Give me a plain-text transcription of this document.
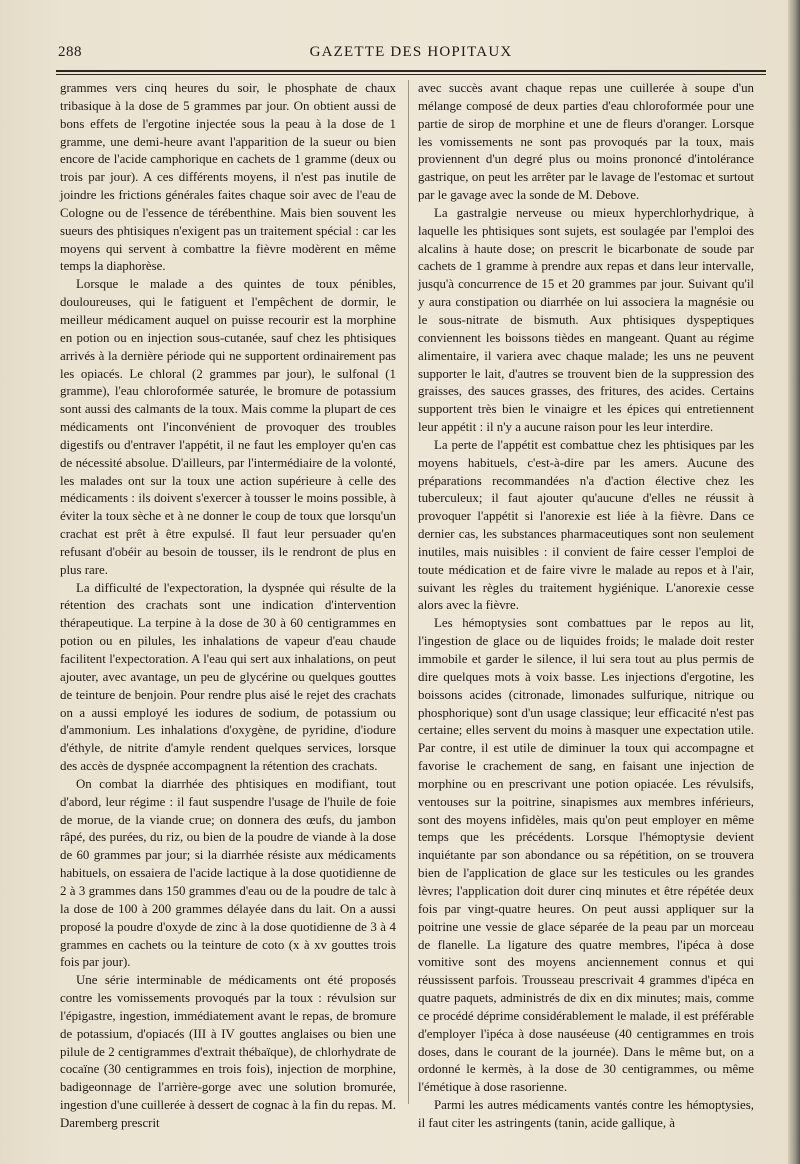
288	GAZETTE DES HOPITAUX

grammes vers cinq heures du soir, le phosphate de chaux tribasique à la dose de 5 grammes par jour. On obtient aussi de bons effets de l'ergotine injectée sous la peau à la dose de 1 gramme, une demi-heure avant l'apparition de la sueur ou bien encore de l'acide camphorique en cachets de 1 gramme (deux ou trois par jour). A ces différents moyens, il n'est pas inutile de joindre les frictions générales faites chaque soir avec de l'eau de Cologne ou de l'essence de térébenthine. Mais bien souvent les sueurs des phtisiques n'exigent pas un traitement spécial : car les moyens qui servent à combattre la fièvre modèrent en même temps la diaphorèse.

Lorsque le malade a des quintes de toux pénibles, douloureuses, qui le fatiguent et l'empêchent de dormir, le meilleur médicament auquel on puisse recourir est la morphine en potion ou en injection sous-cutanée, sauf chez les phtisiques arrivés à la dernière période qui ne supportent ordinairement pas les opiacés. Le chloral (2 grammes par jour), le sulfonal (1 gramme), l'eau chloroformée saturée, le bromure de potassium sont aussi des calmants de la toux. Mais comme la plupart de ces médicaments ont l'inconvénient de provoquer des troubles digestifs ou d'entraver l'appétit, il ne faut les employer qu'en cas de nécessité absolue. D'ailleurs, par l'intermédiaire de la volonté, les malades ont sur la toux une action supérieure à celle des médicaments : ils doivent s'exercer à tousser le moins possible, à éviter la toux sèche et à ne donner le coup de toux que lorsqu'un crachat est prêt à être expulsé. Il faut leur persuader qu'en refusant d'obéir au besoin de tousser, ils le rendront de plus en plus rare.

La difficulté de l'expectoration, la dyspnée qui résulte de la rétention des crachats sont une indication d'intervention thérapeutique. La terpine à la dose de 30 à 60 centigrammes en potion ou en pilules, les inhalations de vapeur d'eau chaude facilitent l'expectoration. A l'eau qui sert aux inhalations, on peut ajouter, avec avantage, un peu de glycérine ou quelques gouttes de teinture de benjoin. Pour rendre plus aisé le rejet des crachats on a aussi employé les iodures de sodium, de potassium ou d'ammonium. Les inhalations d'oxygène, de pyridine, d'iodure d'éthyle, de nitrite d'amyle rendent quelques services, lorsque des accès de dyspnée accompagnent la rétention des crachats.

On combat la diarrhée des phtisiques en modifiant, tout d'abord, leur régime : il faut suspendre l'usage de l'huile de foie de morue, de la viande crue; on donnera des œufs, du jambon râpé, des purées, du riz, ou bien de la poudre de viande à la dose de 60 grammes par jour; si la diarrhée résiste aux médicaments habituels, on essaiera de l'acide lactique à la dose quotidienne de 2 à 3 grammes dans 150 grammes d'eau ou de la poudre de talc à la dose de 100 à 200 grammes délayée dans du lait. On a aussi proposé la poudre d'oxyde de zinc à la dose quotidienne de 3 à 4 grammes en cachets ou la teinture de coto (x à xv gouttes trois fois par jour).

Une série interminable de médicaments ont été proposés contre les vomissements provoqués par la toux : révulsion sur l'épigastre, ingestion, immédiatement avant le repas, de bromure de potassium, d'opiacés (III à IV gouttes anglaises ou bien une pilule de 2 centigrammes d'extrait thébaïque), de chlorhydrate de cocaïne (30 centigrammes en trois fois), injection de morphine, badigeonnage de l'arrière-gorge avec une solution bromurée, ingestion d'une cuillerée à dessert de cognac à la fin du repas. M. Daremberg prescrit

avec succès avant chaque repas une cuillerée à soupe d'un mélange composé de deux parties d'eau chloroformée pour une partie de sirop de morphine et une de fleurs d'oranger. Lorsque les vomissements ne sont pas provoqués par la toux, mais proviennent d'un degré plus ou moins prononcé d'intolérance gastrique, on peut les arrêter par le lavage de l'estomac et surtout par le gavage avec la sonde de M. Debove.

La gastralgie nerveuse ou mieux hyperchlorhydrique, à laquelle les phtisiques sont sujets, est soulagée par l'emploi des alcalins à haute dose; on prescrit le bicarbonate de soude par cachets de 1 gramme à prendre aux repas et dans leur intervalle, jusqu'à concurrence de 15 et 20 grammes par jour. Suivant qu'il y aura constipation ou diarrhée on lui associera la magnésie ou le sous-nitrate de bismuth. Aux phtisiques dyspeptiques conviennent les boissons tièdes en mangeant. Quant au régime alimentaire, il variera avec chaque malade; les uns ne peuvent supporter le lait, d'autres se trouvent bien de la suppression des graisses, des sauces grasses, des fritures, des acides. Certains supportent très bien le vinaigre et les épices qui entretiennent leur appétit : il n'y a aucune raison pour les leur interdire.

La perte de l'appétit est combattue chez les phtisiques par les moyens habituels, c'est-à-dire par les amers. Aucune des préparations recommandées n'a d'action élective chez les tuberculeux; il faut ajouter qu'aucune d'elles ne réussit à provoquer l'appétit si l'anorexie est liée à la fièvre. Dans ce dernier cas, les substances pharmaceutiques sont non seulement inutiles, mais nuisibles : il convient de faire cesser l'emploi de toute médication et de faire vivre le malade au repos et à l'air, suivant les règles du traitement hygiénique. L'anorexie cesse alors avec la fièvre.

Les hémoptysies sont combattues par le repos au lit, l'ingestion de glace ou de liquides froids; le malade doit rester immobile et garder le silence, il lui sera tout au plus permis de dire quelques mots à voix basse. Les injections d'ergotine, les boissons acides (citronade, limonades sulfurique, nitrique ou phosphorique) sont d'un usage classique; leur efficacité n'est pas certaine; elles servent du moins à masquer une expectation utile. Par contre, il est utile de diminuer la toux qui accompagne et favorise le crachement de sang, en faisant une injection de morphine ou en prescrivant une potion opiacée. Les révulsifs, ventouses sur la poitrine, sinapismes aux membres inférieurs, sont des moyens infidèles, mais qu'on peut employer en même temps que les précédents. Lorsque l'hémoptysie devient inquiétante par son abondance ou sa répétition, on se trouvera bien de l'application de glace sur les testicules ou les grandes lèvres; l'application doit durer cinq minutes et être répétée deux fois par vingt-quatre heures. On peut aussi appliquer sur la poitrine une vessie de glace séparée de la peau par un morceau de flanelle. La ligature des quatre membres, l'ipéca à dose vomitive sont des moyens anciennement connus et qui réussissent parfois. Trousseau prescrivait 4 grammes d'ipéca en quatre paquets, administrés de dix en dix minutes; mais, comme ce procédé déprime considérablement le malade, il est préférable d'employer l'ipéca à dose nauséeuse (40 centigrammes en trois doses, dans le courant de la journée). Dans le même but, on a ordonné le kermès, à la dose de 30 centigrammes, ou même l'émétique à dose rasorienne.

Parmi les autres médicaments vantés contre les hémoptysies, il faut citer les astringents (tanin, acide gallique, à
